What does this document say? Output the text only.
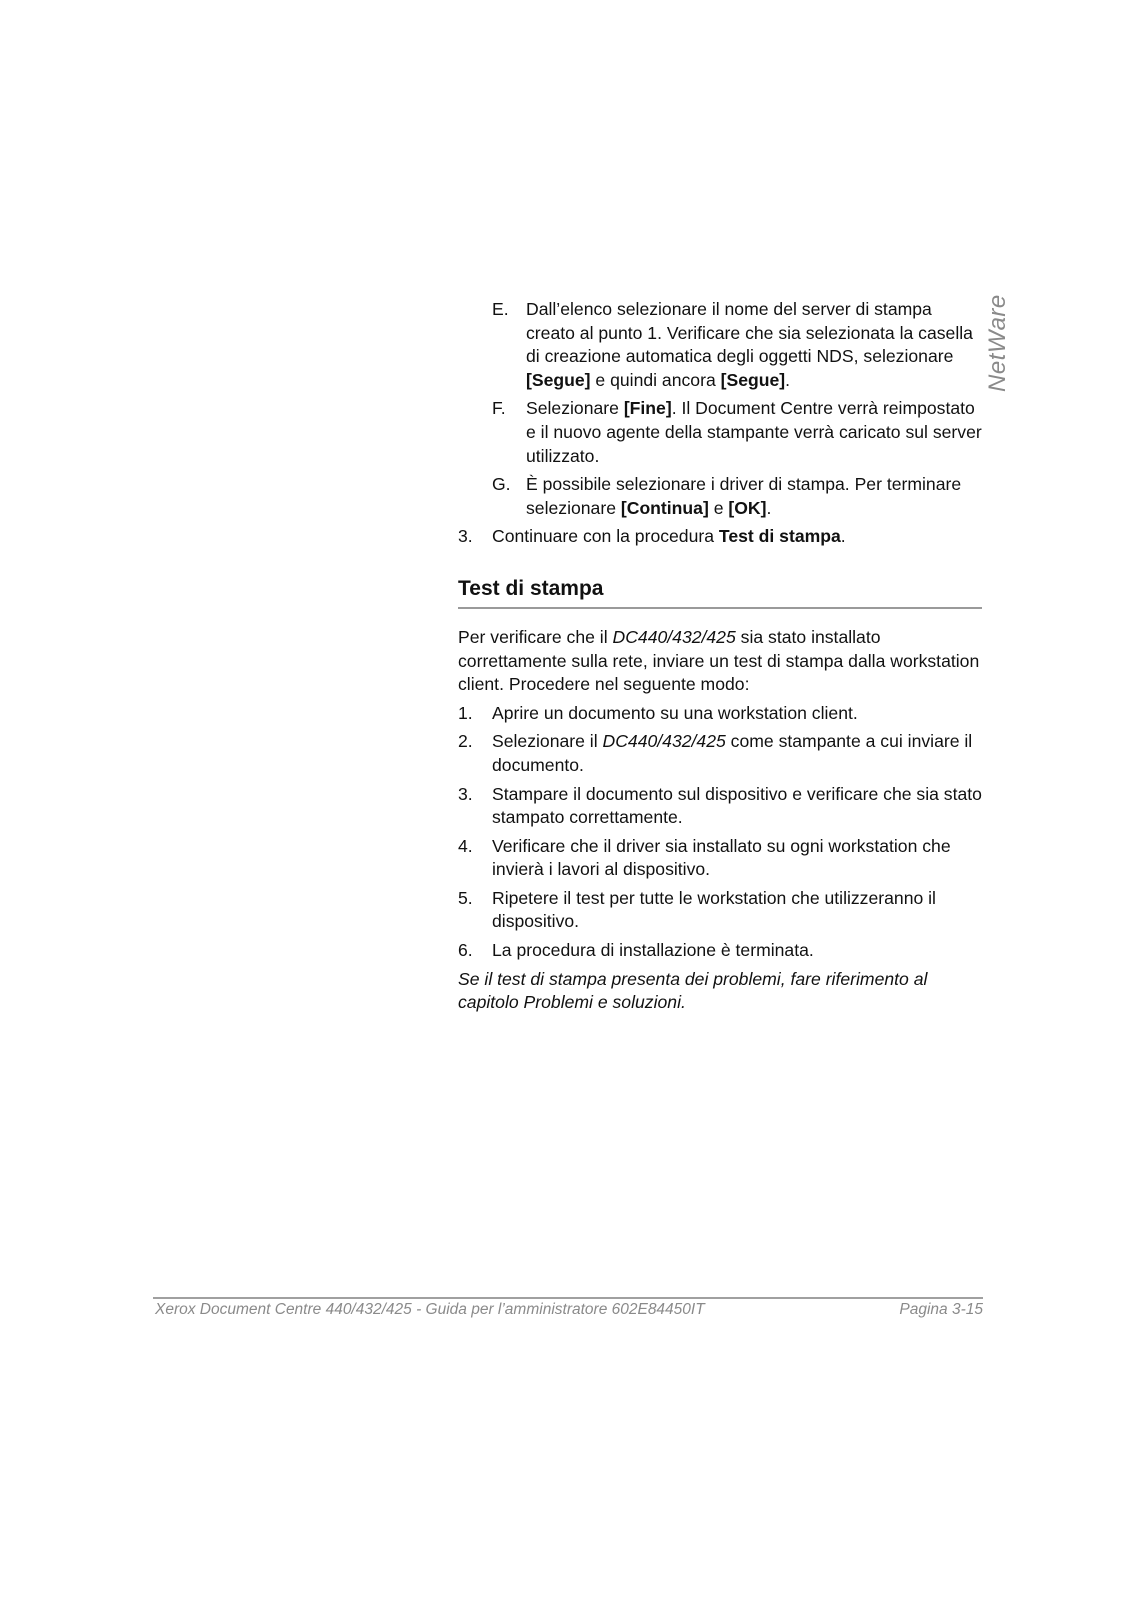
NetWare
E. Dall’elenco selezionare il nome del server di stampa creato al punto 1. Verificare che sia selezionata la casella di creazione automatica degli oggetti NDS, selezionare [Segue] e quindi ancora [Segue].
F. Selezionare [Fine]. Il Document Centre verrà reimpostato e il nuovo agente della stampante verrà caricato sul server utilizzato.
G. È possibile selezionare i driver di stampa. Per terminare selezionare [Continua] e [OK].
3. Continuare con la procedura Test di stampa.
Test di stampa
Per verificare che il DC440/432/425 sia stato installato correttamente sulla rete, inviare un test di stampa dalla workstation client. Procedere nel seguente modo:
1. Aprire un documento su una workstation client.
2. Selezionare il DC440/432/425 come stampante a cui inviare il documento.
3. Stampare il documento sul dispositivo e verificare che sia stato stampato correttamente.
4. Verificare che il driver sia installato su ogni workstation che invierà i lavori al dispositivo.
5. Ripetere il test per tutte le workstation che utilizzeranno il dispositivo.
6. La procedura di installazione è terminata.
Se il test di stampa presenta dei problemi, fare riferimento al capitolo Problemi e soluzioni.
Xerox Document Centre 440/432/425 - Guida per l’amministratore 602E84450IT	Pagina 3-15
